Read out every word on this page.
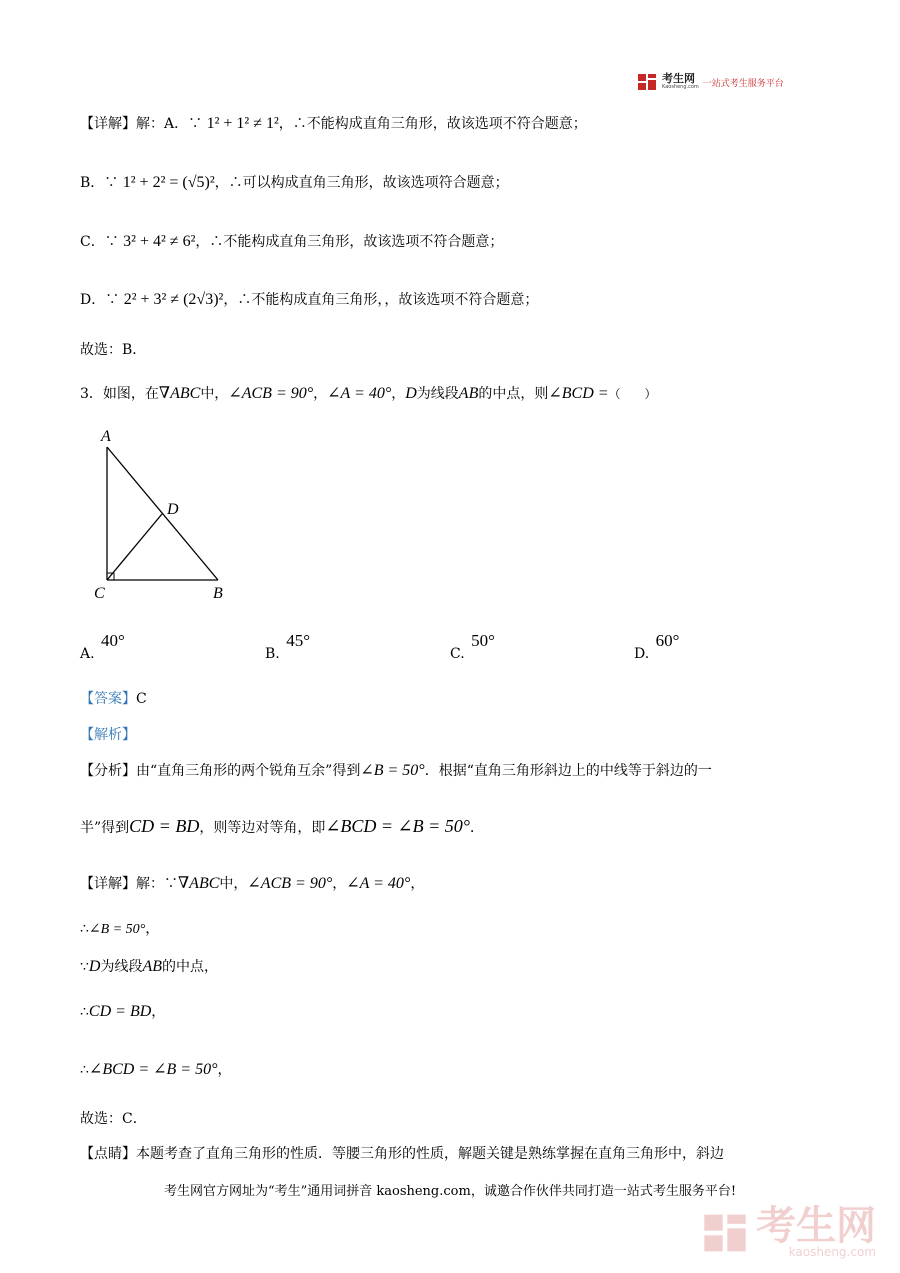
考生网
Kaosheng.com 一站式考生服务平台
【详解】解：A．∵ 1² + 1² ≠ 1²，∴不能构成直角三角形，故该选项不符合题意；
B．∵ 1² + 2² = (√5)²，∴可以构成直角三角形，故该选项符合题意；
C．∵ 3² + 4² ≠ 6²，∴不能构成直角三角形，故该选项不符合题意；
D．∵ 2² + 3² ≠ (2√3)²，∴不能构成直角三角形，，故该选项不符合题意；
故选：B．
3．如图，在∇ABC中，∠ACB = 90°，∠A = 40°，D为线段AB的中点，则∠BCD =（　　）
A
D
C	B
A. 40°
B. 45°
C. 50°
D. 60°
【答案】C
【解析】
【分析】由“直角三角形的两个锐角互余”得到∠B = 50°．根据“直角三角形斜边上的中线等于斜边的一
半”得到CD = BD，则等边对等角，即∠BCD = ∠B = 50°．
【详解】解：∵∇ABC中，∠ACB = 90°，∠A = 40°，
∴∠B = 50°，
∵D为线段AB的中点，
∴CD = BD，
∴∠BCD = ∠B = 50°，
故选：C．
【点睛】本题考查了直角三角形的性质．等腰三角形的性质，解题关键是熟练掌握在直角三角形中，斜边
考生网官方网址为“考生”通用词拼音 kaosheng.com，诚邀合作伙伴共同打造一站式考生服务平台!
考生网
kaosheng.com
